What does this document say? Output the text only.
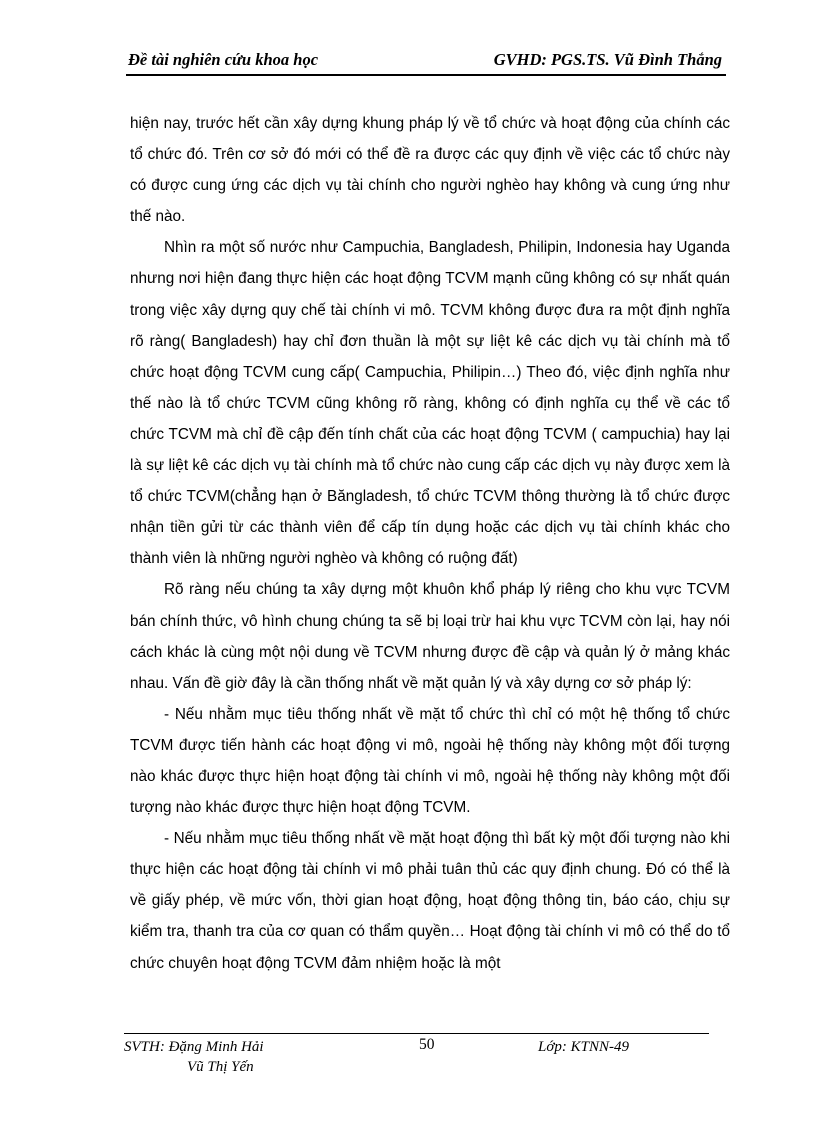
Đề tài nghiên cứu khoa học	GVHD: PGS.TS. Vũ Đình Thắng

hiện nay, trước hết cần xây dựng khung pháp lý về tổ chức và hoạt động của chính các tổ chức đó. Trên cơ sở đó mới có thể đề ra được các quy định về việc các tổ chức này có được cung ứng các dịch vụ tài chính cho người nghèo hay không và cung ứng như thế nào.

Nhìn ra một số nước như Campuchia, Bangladesh, Philipin, Indonesia hay Uganda nhưng nơi hiện đang thực hiện các hoạt động TCVM mạnh cũng không có sự nhất quán trong việc xây dựng quy chế tài chính vi mô. TCVM không được đưa ra một định nghĩa rõ ràng( Bangladesh) hay chỉ đơn thuần là một sự liệt kê các dịch vụ tài chính mà tổ chức hoạt động TCVM cung cấp( Campuchia, Philipin…) Theo đó, việc định nghĩa như thế nào là tổ chức TCVM cũng không rõ ràng, không có định nghĩa cụ thể về các tổ chức TCVM mà chỉ đề cập đến tính chất của các hoạt động TCVM ( campuchia) hay lại là sự liệt kê các dịch vụ tài chính mà tổ chức nào cung cấp các dịch vụ này được xem là tổ chức TCVM(chẳng hạn ở Băngladesh, tổ chức TCVM thông thường là tổ chức được nhận tiền gửi từ các thành viên để cấp tín dụng hoặc các dịch vụ tài chính khác cho thành viên là những người nghèo và không có ruộng đất)

Rõ ràng nếu chúng ta xây dựng một khuôn khổ pháp lý riêng cho khu vực TCVM bán chính thức, vô hình chung chúng ta sẽ bị loại trừ hai khu vực TCVM còn lại, hay nói cách khác là cùng một nội dung về TCVM nhưng được đề cập và quản lý ở mảng khác nhau. Vấn đề giờ đây là cần thống nhất về mặt quản lý và xây dựng cơ sở pháp lý:

- Nếu nhằm mục tiêu thống nhất về mặt tổ chức thì chỉ có một hệ thống tổ chức TCVM được tiến hành các hoạt động vi mô, ngoài hệ thống này không một đối tượng nào khác được thực hiện hoạt động tài chính vi mô, ngoài hệ thống này không một đối tượng nào khác được thực hiện hoạt động TCVM.

- Nếu nhằm mục tiêu thống nhất về mặt hoạt động thì bất kỳ một đối tượng nào khi thực hiện các hoạt động tài chính vi mô phải tuân thủ các quy định chung. Đó có thể là về giấy phép, về mức vốn, thời gian hoạt động, hoạt động thông tin, báo cáo, chịu sự kiểm tra, thanh tra của cơ quan có thẩm quyền… Hoạt động tài chính vi mô có thể do tổ chức chuyên hoạt động TCVM đảm nhiệm hoặc là một

SVTH: Đặng Minh Hải
Vũ Thị Yến
50	Lớp: KTNN-49
